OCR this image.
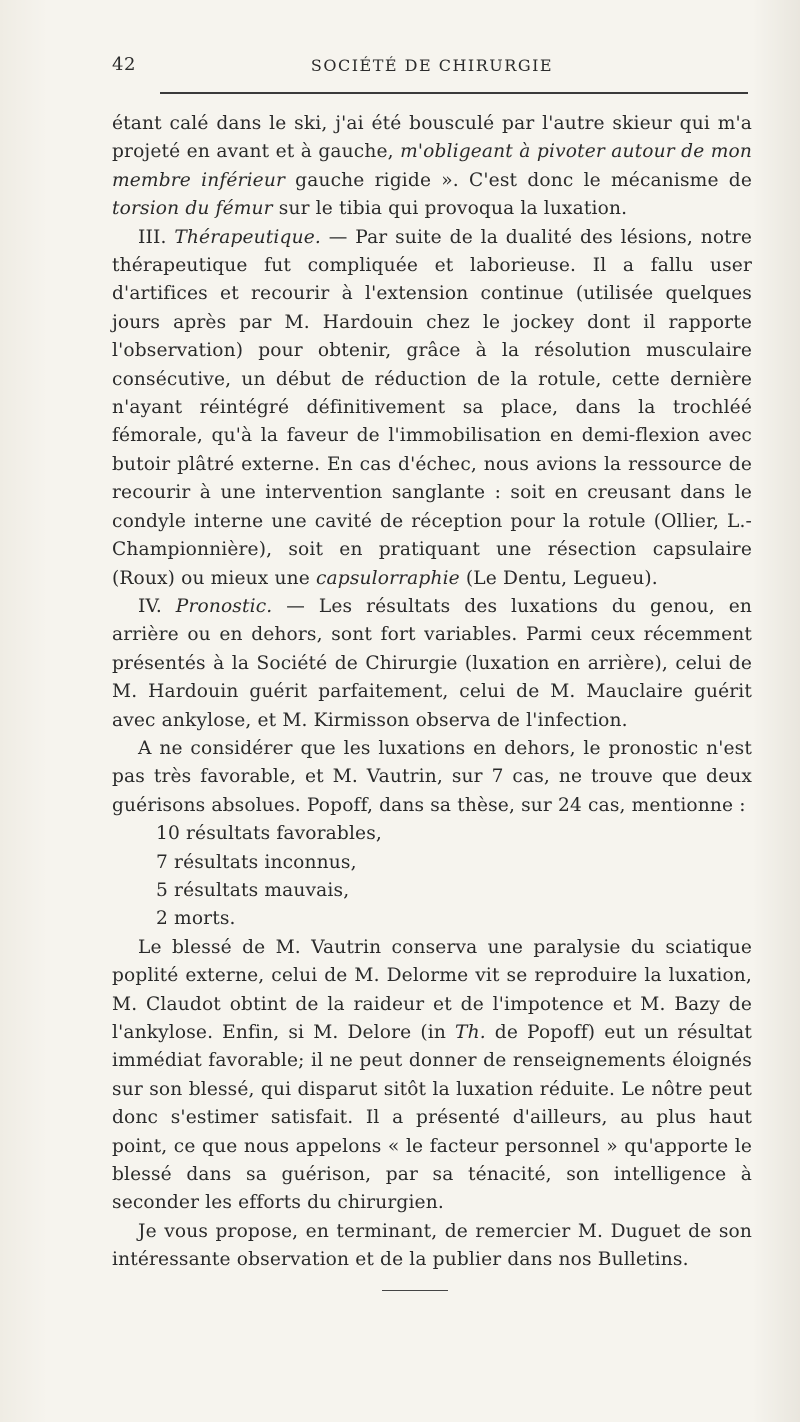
42	SOCIÉTÉ DE CHIRURGIE

étant calé dans le ski, j'ai été bousculé par l'autre skieur qui m'a projeté en avant et à gauche, m'obligeant à pivoter autour de mon membre inférieur gauche rigide ». C'est donc le mécanisme de torsion du fémur sur le tibia qui provoqua la luxation.

III. Thérapeutique. — Par suite de la dualité des lésions, notre thérapeutique fut compliquée et laborieuse. Il a fallu user d'artifices et recourir à l'extension continue (utilisée quelques jours après par M. Hardouin chez le jockey dont il rapporte l'observation) pour obtenir, grâce à la résolution musculaire consécutive, un début de réduction de la rotule, cette dernière n'ayant réintégré définitivement sa place, dans la trochléé fémorale, qu'à la faveur de l'immobilisation en demi-flexion avec butoir plâtré externe. En cas d'échec, nous avions la ressource de recourir à une intervention sanglante : soit en creusant dans le condyle interne une cavité de réception pour la rotule (Ollier, L.-Championnière), soit en pratiquant une résection capsulaire (Roux) ou mieux une capsulorraphie (Le Dentu, Legueu).

IV. Pronostic. — Les résultats des luxations du genou, en arrière ou en dehors, sont fort variables. Parmi ceux récemment présentés à la Société de Chirurgie (luxation en arrière), celui de M. Hardouin guérit parfaitement, celui de M. Mauclaire guérit avec ankylose, et M. Kirmisson observa de l'infection.

A ne considérer que les luxations en dehors, le pronostic n'est pas très favorable, et M. Vautrin, sur 7 cas, ne trouve que deux guérisons absolues. Popoff, dans sa thèse, sur 24 cas, mentionne :

10 résultats favorables,
7 résultats inconnus,
5 résultats mauvais,
2 morts.

Le blessé de M. Vautrin conserva une paralysie du sciatique poplité externe, celui de M. Delorme vit se reproduire la luxation, M. Claudot obtint de la raideur et de l'impotence et M. Bazy de l'ankylose. Enfin, si M. Delore (in Th. de Popoff) eut un résultat immédiat favorable; il ne peut donner de renseignements éloignés sur son blessé, qui disparut sitôt la luxation réduite. Le nôtre peut donc s'estimer satisfait. Il a présenté d'ailleurs, au plus haut point, ce que nous appelons « le facteur personnel » qu'apporte le blessé dans sa guérison, par sa ténacité, son intelligence à seconder les efforts du chirurgien.

Je vous propose, en terminant, de remercier M. Duguet de son intéressante observation et de la publier dans nos Bulletins.
